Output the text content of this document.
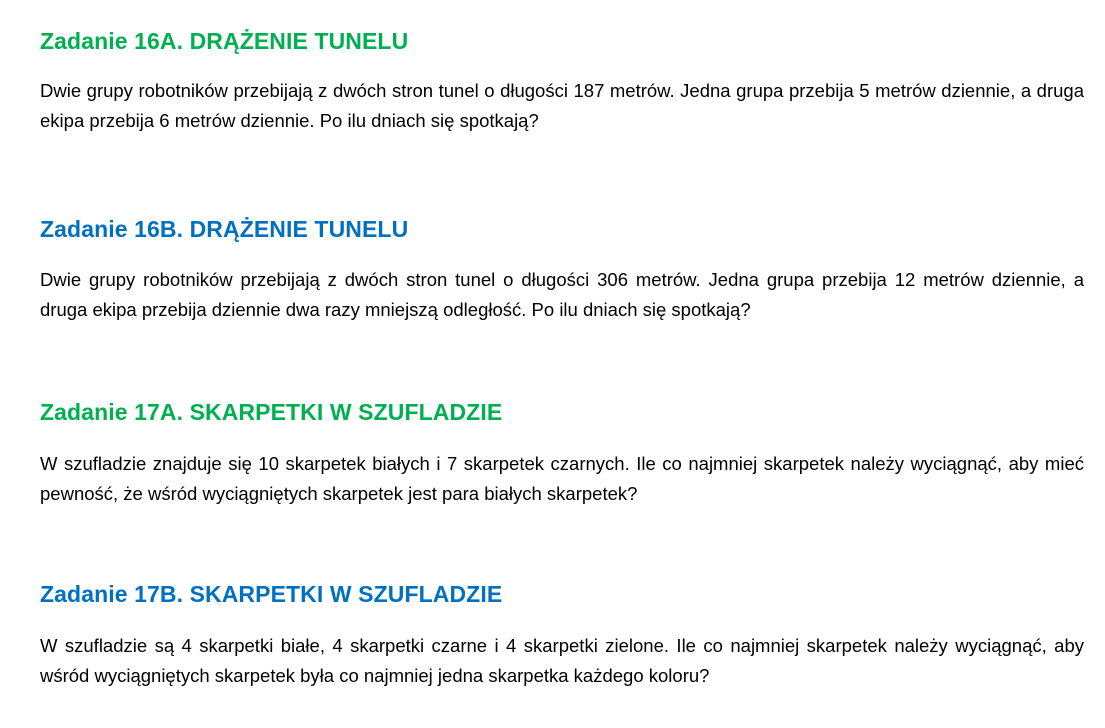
Zadanie 16A. DRĄŻENIE TUNELU

Dwie grupy robotników przebijają z dwóch stron tunel o długości 187 metrów. Jedna grupa przebija 5 metrów dziennie, a druga ekipa przebija 6 metrów dziennie. Po ilu dniach się spotkają?

Zadanie 16B. DRĄŻENIE TUNELU

Dwie grupy robotników przebijają z dwóch stron tunel o długości 306 metrów. Jedna grupa przebija 12 metrów dziennie, a druga ekipa przebija dziennie dwa razy mniejszą odległość. Po ilu dniach się spotkają?

Zadanie 17A. SKARPETKI W SZUFLADZIE

W szufladzie znajduje się 10 skarpetek białych i 7 skarpetek czarnych. Ile co najmniej skarpetek należy wyciągnąć, aby mieć pewność, że wśród wyciągniętych skarpetek jest para białych skarpetek?

Zadanie 17B. SKARPETKI W SZUFLADZIE

W szufladzie są 4 skarpetki białe, 4 skarpetki czarne i 4 skarpetki zielone. Ile co najmniej skarpetek należy wyciągnąć, aby wśród wyciągniętych skarpetek była co najmniej jedna skarpetka każdego koloru?
